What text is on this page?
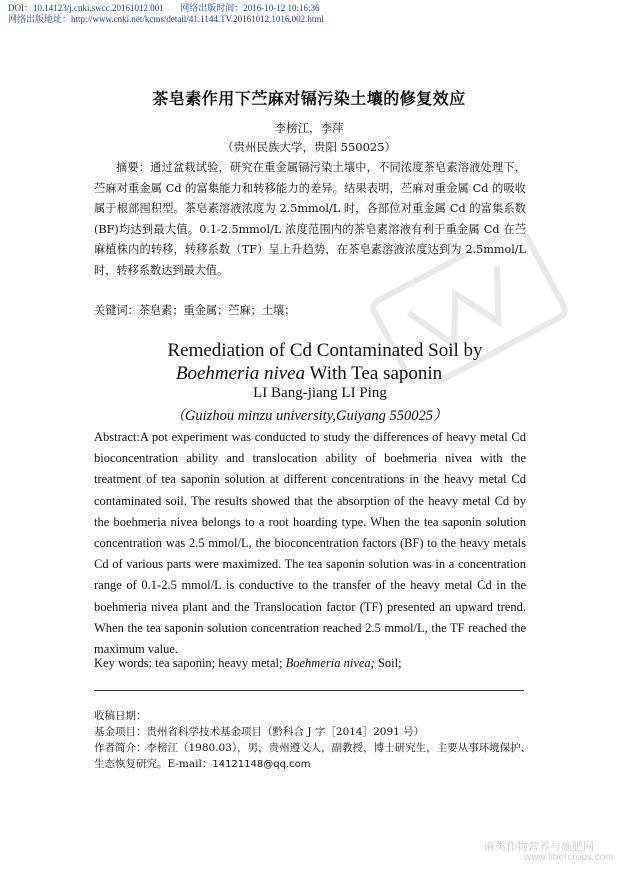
DOI：10.14123/j.cnki.swcc.20161012.001 网络出版时间：2016-10-12 10:16:36
网络出版地址：http://www.cnki.net/kcms/detail/41.1144.TV.20161012.1016.002.html
茶皂素作用下苎麻对镉污染土壤的修复效应
李榜江，李萍
（贵州民族大学，贵阳 550025）
摘要：通过盆栽试验，研究在重金属镉污染土壤中，不同浓度茶皂素溶液处理下，苎麻对重金属 Cd 的富集能力和转移能力的差异。结果表明，苎麻对重金属 Cd 的吸收属于根部囤积型。茶皂素溶液浓度为 2.5mmol/L 时，各部位对重金属 Cd 的富集系数(BF)均达到最大值。0.1-2.5mmol/L 浓度范围内的茶皂素溶液有利于重金属 Cd 在苎麻植株内的转移，转移系数（TF）呈上升趋势，在茶皂素溶液浓度达到为 2.5mmol/L 时，转移系数达到最大值。
关键词：茶皂素；重金属；苎麻；土壤；
Remediation of Cd Contaminated Soil by
Boehmeria nivea With Tea saponin
LI Bang-jiang LI Ping
（Guizhou minzu university,Guiyang 550025）
Abstract:A pot experiment was conducted to study the differences of heavy metal Cd bioconcentration ability and translocation ability of boehmeria nivea with the treatment of tea saponin solution at different concentrations in the heavy metal Cd contaminated soil. The results showed that the absorption of the heavy metal Cd by the boehmeria nivea belongs to a root hoarding type. When the tea saponin solution concentration was 2.5 mmol/L, the bioconcentration factors (BF) to the heavy metals Cd of various parts were maximized. The tea saponin solution was in a concentration range of 0.1-2.5 mmol/L is conductive to the transfer of the heavy metal Cd in the boehmeria nivea plant and the Translocation factor (TF) presented an upward trend. When the tea saponin solution concentration reached 2.5 mmol/L, the TF reached the maximum value.
Key words: tea saponin; heavy metal; Boehmeria nivea; Soil;
收稿日期：
基金项目：贵州省科学技术基金项目（黔科合 J 字［2014］2091 号）
作者简介：李榜江（1980.03），男，贵州遵义人，副教授，博士研究生，主要从事环境保护、生态恢复研究。E-mail：14121148@qq.com
麻类作物营养与施肥网
www.fibercrops.com
